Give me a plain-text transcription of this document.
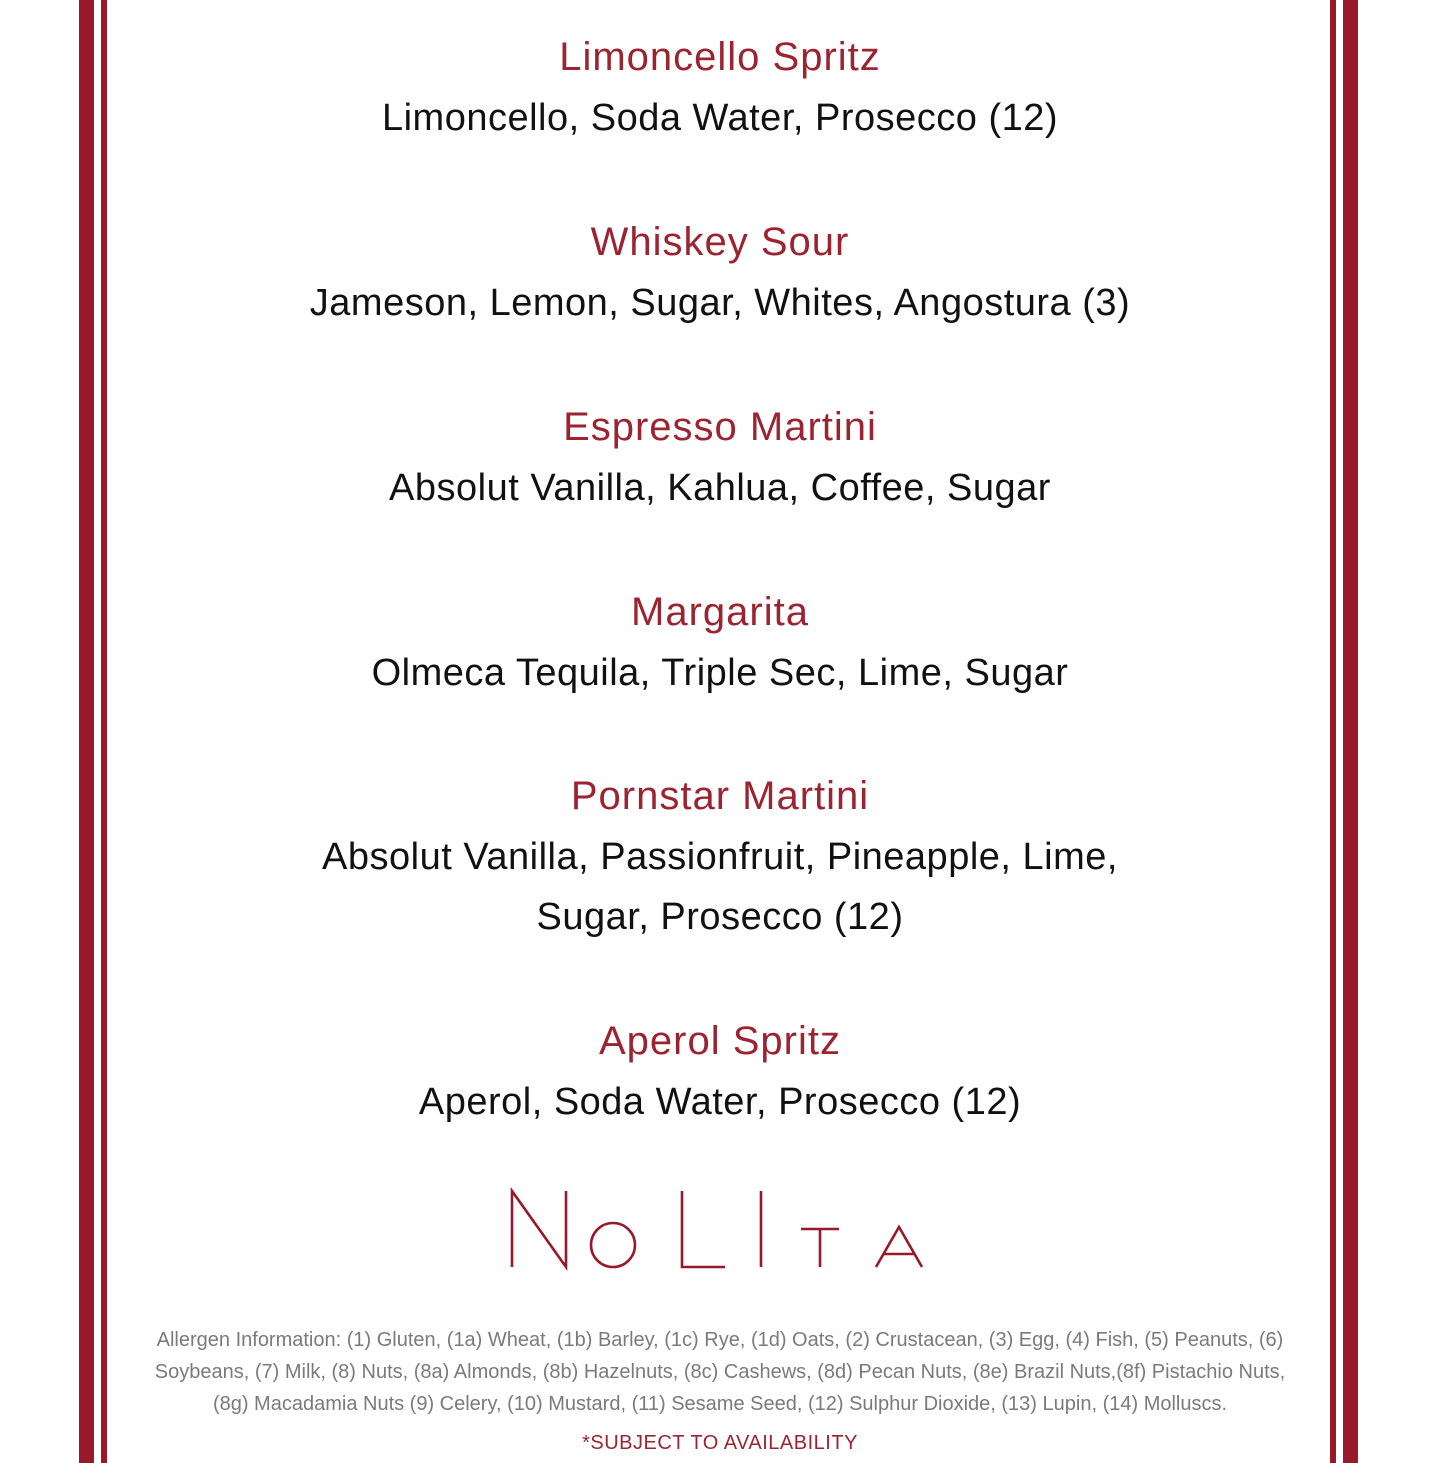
Limoncello Spritz
Limoncello, Soda Water, Prosecco (12)
Whiskey Sour
Jameson, Lemon, Sugar, Whites, Angostura (3)
Espresso Martini
Absolut Vanilla, Kahlua, Coffee, Sugar
Margarita
Olmeca Tequila, Triple Sec, Lime, Sugar
Pornstar Martini
Absolut Vanilla, Passionfruit, Pineapple, Lime,
Sugar, Prosecco (12)
Aperol Spritz
Aperol, Soda Water, Prosecco (12)
Allergen Information: (1) Gluten, (1a) Wheat, (1b) Barley, (1c) Rye, (1d) Oats, (2) Crustacean, (3) Egg, (4) Fish, (5) Peanuts, (6) Soybeans, (7) Milk, (8) Nuts, (8a) Almonds, (8b) Hazelnuts, (8c) Cashews, (8d) Pecan Nuts, (8e) Brazil Nuts,(8f) Pistachio Nuts, (8g) Macadamia Nuts (9) Celery, (10) Mustard, (11) Sesame Seed, (12) Sulphur Dioxide, (13) Lupin, (14) Molluscs.
*SUBJECT TO AVAILABILITY
